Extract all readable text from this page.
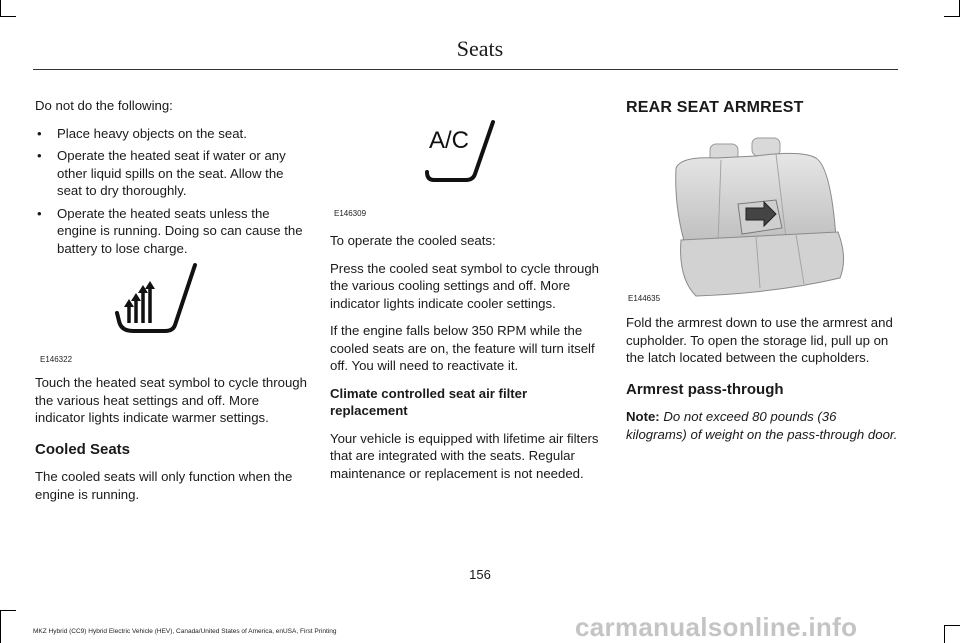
Seats

Do not do the following:

• Place heavy objects on the seat.
• Operate the heated seat if water or any other liquid spills on the seat. Allow the seat to dry thoroughly.
• Operate the heated seats unless the engine is running. Doing so can cause the battery to lose charge.
E146322

Touch the heated seat symbol to cycle through the various heat settings and off. More indicator lights indicate warmer settings.

Cooled Seats

The cooled seats will only function when the engine is running.

A/C
E146309

To operate the cooled seats:

Press the cooled seat symbol to cycle through the various cooling settings and off. More indicator lights indicate cooler settings.

If the engine falls below 350 RPM while the cooled seats are on, the feature will turn itself off. You will need to reactivate it.

Climate controlled seat air filter replacement

Your vehicle is equipped with lifetime air filters that are integrated with the seats. Regular maintenance or replacement is not needed.

REAR SEAT ARMREST
E144635

Fold the armrest down to use the armrest and cupholder. To open the storage lid, pull up on the latch located between the cupholders.

Armrest pass-through

Note: Do not exceed 80 pounds (36 kilograms) of weight on the pass-through door.

156
MKZ Hybrid (CC9) Hybrid Electric Vehicle (HEV), Canada/United States of America, enUSA, First Printing	carmanualsonline.info
